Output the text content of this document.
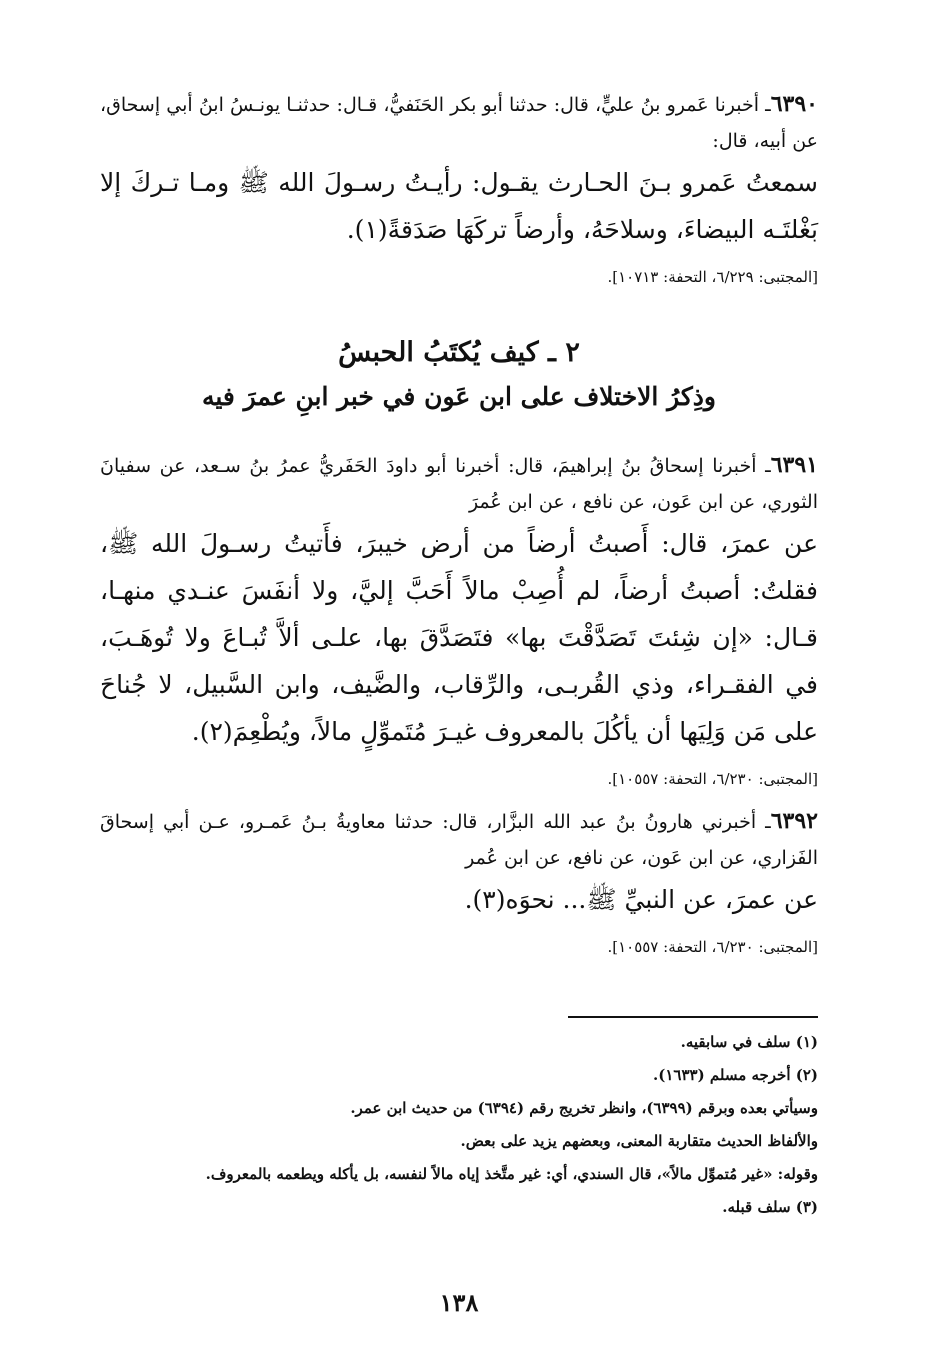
٦٣٩٠ـ أخبرنا عَمرو بنُ عليٍّ، قال: حدثنا أبو بكر الحَنَفيُّ، قـال: حدثنـا يونـسُ ابنُ أبي إسحاق، عن أبيه، قال:

سمعتُ عَمرو بـنَ الحـارث يقـول: رأيـتُ رسـولَ الله ﷺ ومـا تـركَ إلا بَغْلتَـه البيضاءَ، وسلاحَهُ، وأرضاً تركَهَا صَدَقةً(١).

[المجتبى: ٦/٢٢٩، التحفة: ١٠٧١٣].

٢ ـ كيف يُكتَبُ الحبسُ
وذِكرُ الاختلاف على ابن عَون في خبر ابنِ عمرَ فيه

٦٣٩١ـ أخبرنا إسحاقُ بنُ إبراهيمَ، قال: أخبرنا أبو داودَ الحَفَريُّ عمرُ بنُ سـعد، عن سفيانَ الثوري، عن ابن عَون، عن نافع ، عن ابن عُمرَ

عن عمرَ، قال: أَصبتُ أرضاً من أرض خيبرَ، فأَتيتُ رسـولَ الله ﷺ، فقلتُ: أصبتُ أرضاً، لم أُصِبْ مالاً أَحَبَّ إليَّ، ولا أنفَسَ عنـدي منهـا، قـال: «إن شِئتَ تَصَدَّقْتَ بها» فتَصَدَّقَ بها، علـى ألاَّ تُبـاعَ ولا تُوهَـبَ، في الفقـراء، وذي القُربـى، والرِّقاب، والضَّيف، وابن السَّبيل، لا جُناحَ على مَن وَلِيَها أن يأكُلَ بالمعروف غيـرَ مُتَموِّلٍ مالاً، ويُطْعِمَ(٢).

[المجتبى: ٦/٢٣٠، التحفة: ١٠٥٥٧].

٦٣٩٢ـ أخبرني هارونُ بنُ عبد الله البزَّار، قال: حدثنا معاويةُ بـنُ عَمـرو، عـن أبي إسحاقَ الفَزاري، عن ابن عَون، عن نافع، عن ابن عُمر

عن عمرَ، عن النبيِّ ﷺ... نحوَه(٣).

[المجتبى: ٦/٢٣٠، التحفة: ١٠٥٥٧].

(١) سلف في سابقيه.

(٢) أخرجه مسلم (١٦٣٣).

وسيأتي بعده وبرقم (٦٣٩٩)، وانظر تخريج رقم (٦٣٩٤) من حديث ابن عمر.

والألفاظ الحديث متقاربة المعنى، وبعضهم يزيد على بعض.

وقوله: «غير مُتموِّل مالاً»، قال السندي، أي: غير متَّخذ إياه مالاً لنفسه، بل يأكله ويطعمه بالمعروف.

(٣) سلف قبله.

١٣٨
